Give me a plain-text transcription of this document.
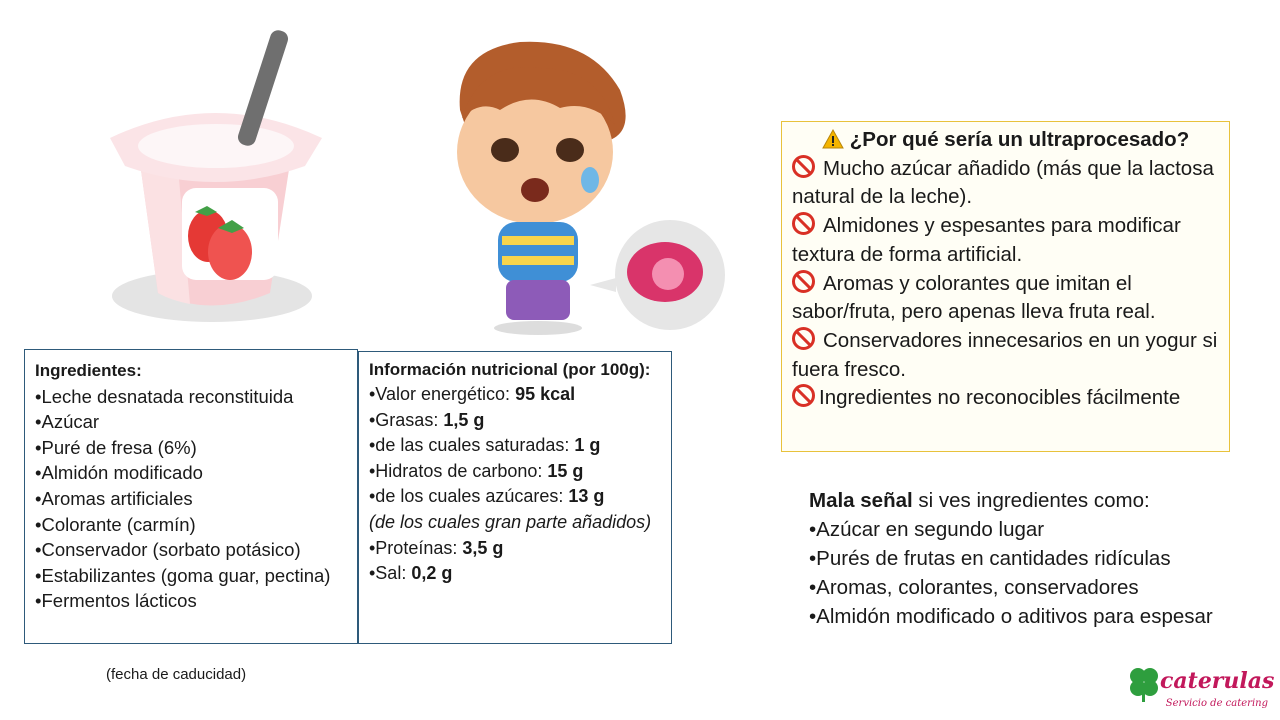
Ingredientes:
•Leche desnatada reconstituida
•Azúcar
•Puré de fresa (6%)
•Almidón modificado
•Aromas artificiales
•Colorante (carmín)
•Conservador (sorbato potásico)
•Estabilizantes (goma guar, pectina)
•Fermentos lácticos
Información nutricional (por 100g):
•Valor energético: 95 kcal
•Grasas: 1,5 g
•de las cuales saturadas: 1 g
•Hidratos de carbono: 15 g
•de los cuales azúcares: 13 g
(de los cuales gran parte añadidos)
•Proteínas: 3,5 g
•Sal: 0,2 g
(fecha de caducidad)
¿Por qué sería un ultraprocesado?
Mucho azúcar añadido (más que la lactosa natural de la leche).
Almidones y espesantes para modificar textura de forma artificial.
Aromas y colorantes que imitan el sabor/fruta, pero apenas lleva fruta real.
Conservadores innecesarios en un yogur si fuera fresco.
Ingredientes no reconocibles fácilmente
Mala señal si ves ingredientes como:
•Azúcar en segundo lugar
•Purés de frutas en cantidades ridículas
•Aromas, colorantes, conservadores
•Almidón modificado o aditivos para espesar
caterulas
Servicio de catering
